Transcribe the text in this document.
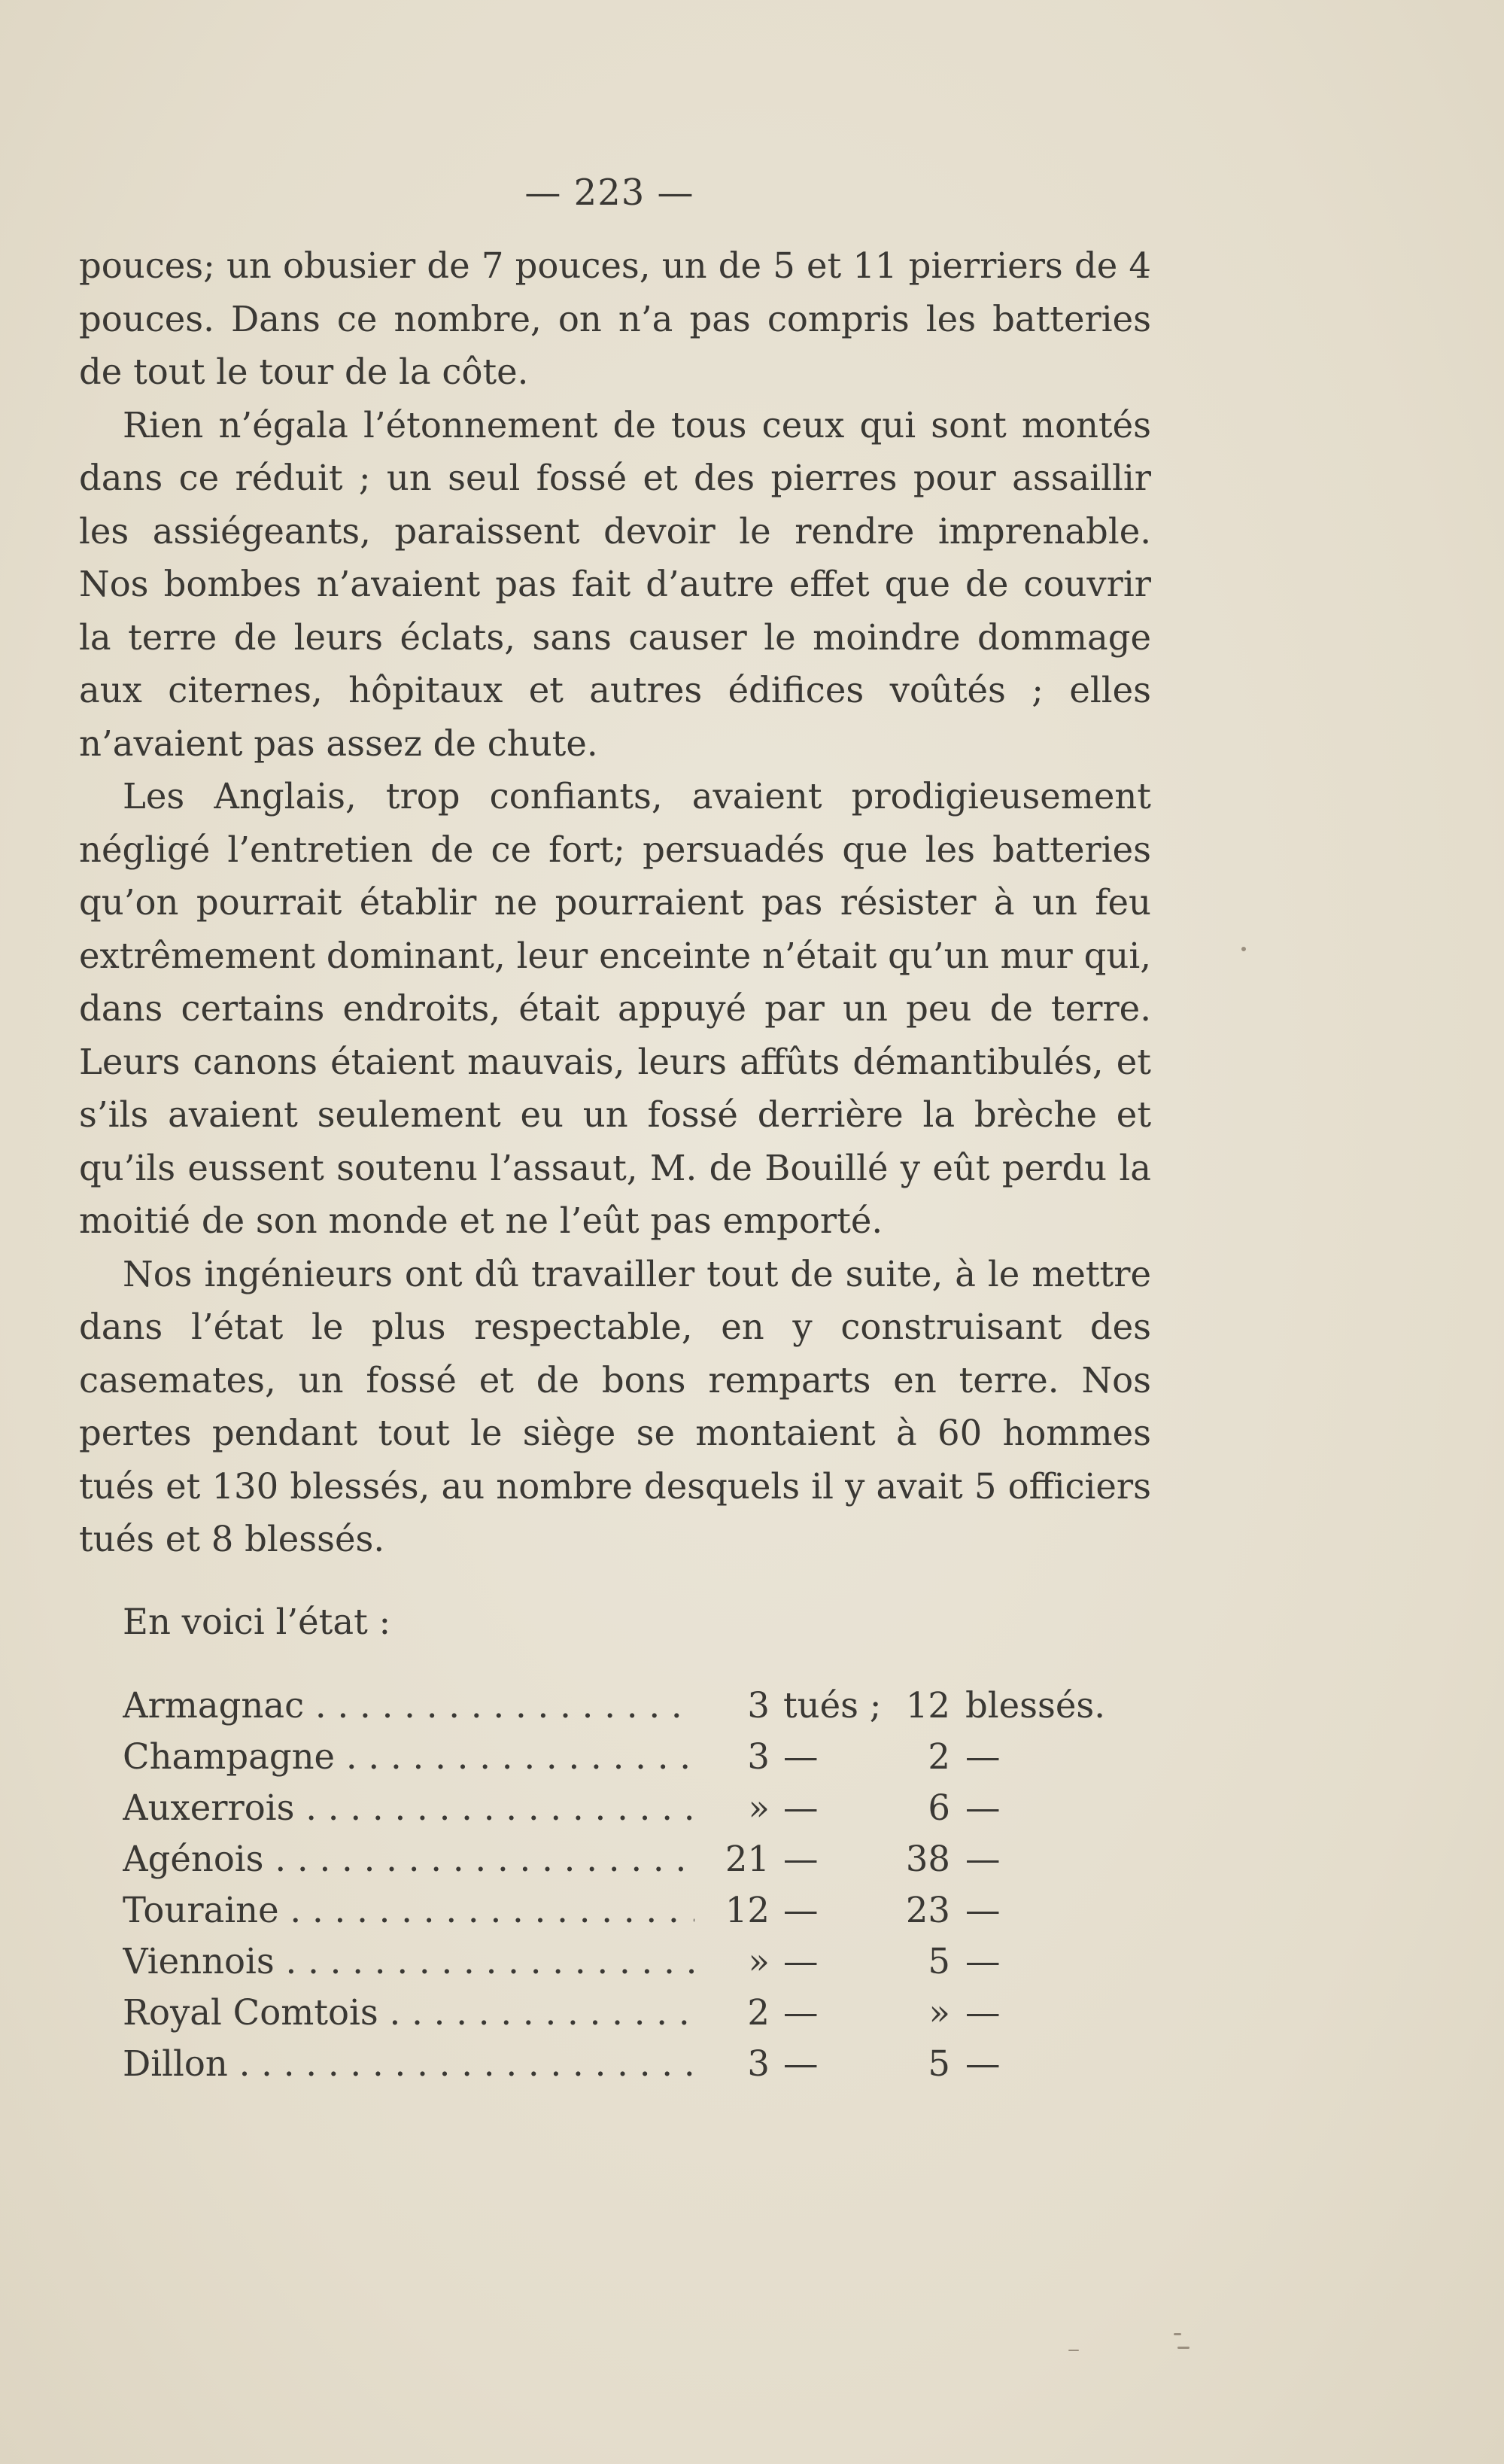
— 223 —

pouces; un obusier de 7 pouces, un de 5 et 11 pierriers de 4 pouces. Dans ce nombre, on n’a pas compris les batteries de tout le tour de la côte.

Rien n’égala l’étonnement de tous ceux qui sont montés dans ce réduit ; un seul fossé et des pierres pour assaillir les assiégeants, paraissent devoir le rendre imprenable. Nos bombes n’avaient pas fait d’autre effet que de couvrir la terre de leurs éclats, sans causer le moindre dommage aux citernes, hôpitaux et autres édifices voûtés ; elles n’avaient pas assez de chute.

Les Anglais, trop confiants, avaient prodigieusement négligé l’entretien de ce fort; persuadés que les batteries qu’on pourrait établir ne pourraient pas résister à un feu extrêmement dominant, leur enceinte n’était qu’un mur qui, dans certains endroits, était appuyé par un peu de terre. Leurs canons étaient mauvais, leurs affûts démantibulés, et s’ils avaient seulement eu un fossé derrière la brèche et qu’ils eussent soutenu l’assaut, M. de Bouillé y eût perdu la moitié de son monde et ne l’eût pas emporté.

Nos ingénieurs ont dû travailler tout de suite, à le mettre dans l’état le plus respectable, en y construisant des casemates, un fossé et de bons remparts en terre. Nos pertes pendant tout le siège se montaient à 60 hommes tués et 130 blessés, au nombre desquels il y avait 5 officiers tués et 8 blessés.

En voici l’état :
Armagnac . . .	3 tués ; 12 blessés.
Champagne . . .	3 —	2 —
Auxerrois . . .	» —	6 —
Agénois . . .	21 —	38 —
Touraine . . .	12 —	23 —
Viennois . . .	» —	5 —
Royal Comtois . . .	2 —	» —
Dillon . . .	3 —	5 —
